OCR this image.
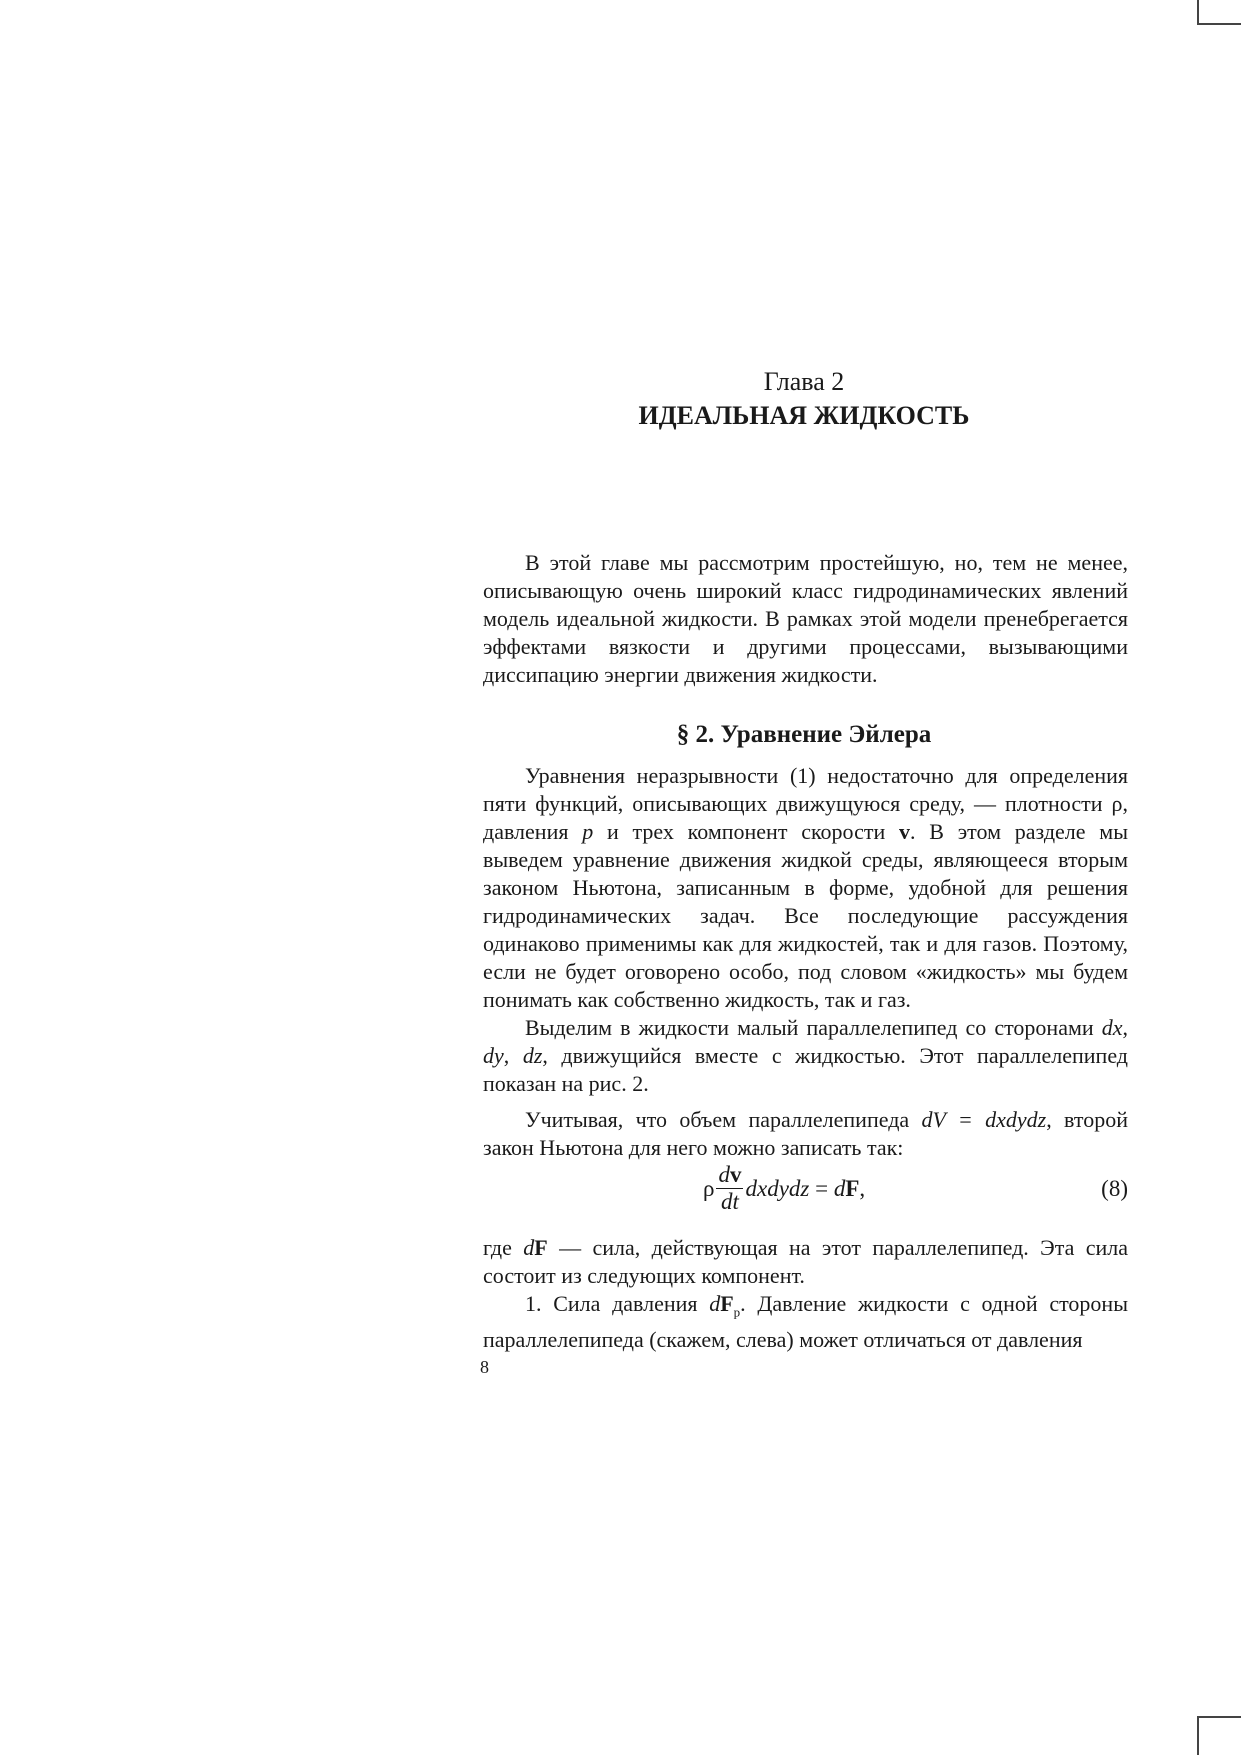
Глава 2
ИДЕАЛЬНАЯ ЖИДКОСТЬ

В этой главе мы рассмотрим простейшую, но, тем не менее, описывающую очень широкий класс гидродинамических явлений модель идеальной жидкости. В рамках этой модели пренебрегается эффектами вязкости и другими процессами, вызывающими диссипацию энергии движения жидкости.

§ 2. Уравнение Эйлера

Уравнения неразрывности (1) недостаточно для определения пяти функций, описывающих движущуюся среду, — плотности ρ, давления p и трех компонент скорости v. В этом разделе мы выведем уравнение движения жидкой среды, являющееся вторым законом Ньютона, записанным в форме, удобной для решения гидродинамических задач. Все последующие рассуждения одинаково применимы как для жидкостей, так и для газов. Поэтому, если не будет оговорено особо, под словом «жидкость» мы будем понимать как собственно жидкость, так и газ.

Выделим в жидкости малый параллелепипед со сторонами dx, dy, dz, движущийся вместе с жидкостью. Этот параллелепипед показан на рис. 2.

Учитывая, что объем параллелепипеда dV = dxdydz, второй закон Ньютона для него можно записать так:

ρ $\frac{dv}{dt}$ dxdydz = d F ,	(8)

где dF — сила, действующая на этот параллелепипед. Эта сила состоит из следующих компонент.

1. Сила давления $dF_p$. Давление жидкости с одной стороны параллелепипеда (скажем, слева) может отличаться от давления

8
